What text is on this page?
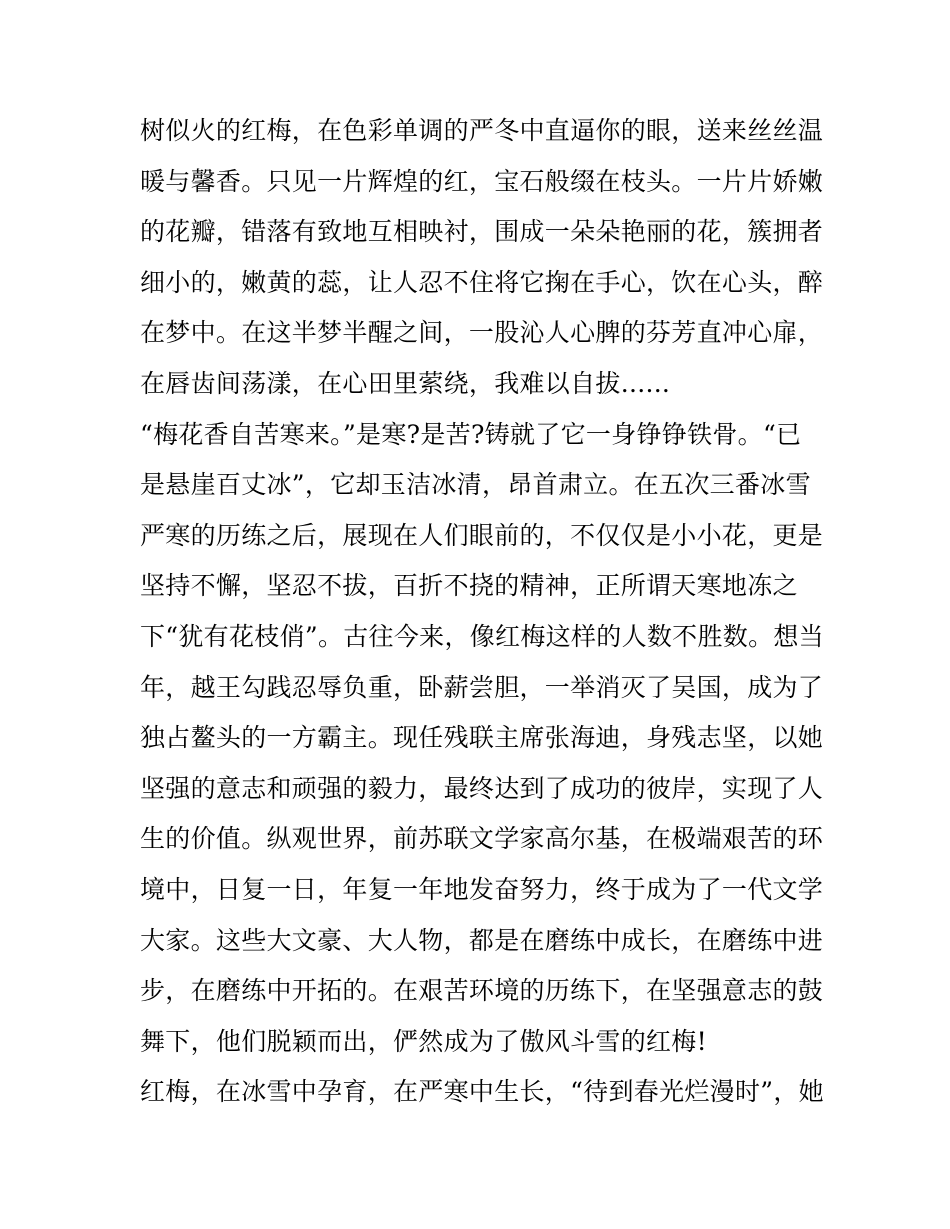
树似火的红梅，在色彩单调的严冬中直逼你的眼，送来丝丝温
暖与馨香。只见一片辉煌的红，宝石般缀在枝头。一片片娇嫩
的花瓣，错落有致地互相映衬，围成一朵朵艳丽的花，簇拥者
细小的，嫩黄的蕊，让人忍不住将它掬在手心，饮在心头，醉
在梦中。在这半梦半醒之间，一股沁人心脾的芬芳直冲心扉，
在唇齿间荡漾，在心田里萦绕，我难以自拔......
“梅花香自苦寒来。”是寒?是苦?铸就了它一身铮铮铁骨。“已
是悬崖百丈冰”，它却玉洁冰清，昂首肃立。在五次三番冰雪
严寒的历练之后，展现在人们眼前的，不仅仅是小小花，更是
坚持不懈，坚忍不拔，百折不挠的精神，正所谓天寒地冻之
下“犹有花枝俏”。古往今来，像红梅这样的人数不胜数。想当
年，越王勾践忍辱负重，卧薪尝胆，一举消灭了吴国，成为了
独占鳌头的一方霸主。现任残联主席张海迪，身残志坚，以她
坚强的意志和顽强的毅力，最终达到了成功的彼岸，实现了人
生的价值。纵观世界，前苏联文学家高尔基，在极端艰苦的环
境中，日复一日，年复一年地发奋努力，终于成为了一代文学
大家。这些大文豪、大人物，都是在磨练中成长，在磨练中进
步，在磨练中开拓的。在艰苦环境的历练下，在坚强意志的鼓
舞下，他们脱颖而出，俨然成为了傲风斗雪的红梅!
红梅，在冰雪中孕育，在严寒中生长，“待到春光烂漫时”，她
